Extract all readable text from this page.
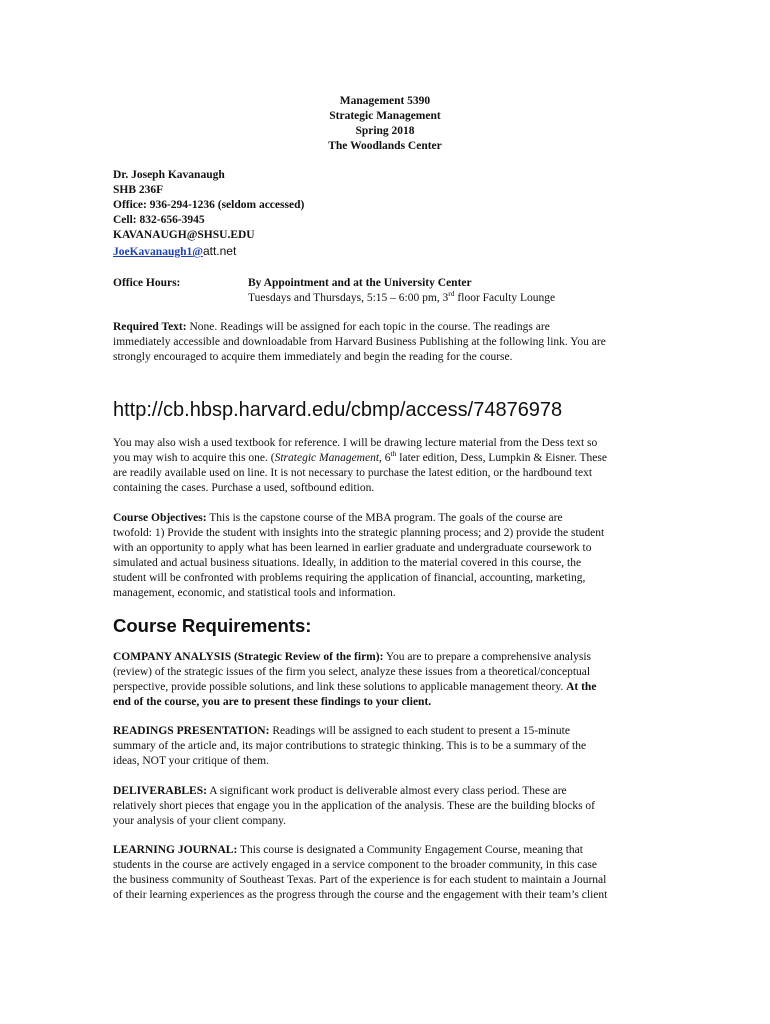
Management 5390
Strategic Management
Spring 2018
The Woodlands Center
Dr. Joseph Kavanaugh
SHB 236F
Office: 936-294-1236 (seldom accessed)
Cell: 832-656-3945
KAVANAUGH@SHSU.EDU
JoeKavanaugh1@att.net
Office Hours:	By Appointment and at the University Center
Tuesdays and Thursdays, 5:15 – 6:00 pm, 3rd floor Faculty Lounge
Required Text: None. Readings will be assigned for each topic in the course. The readings are
immediately accessible and downloadable from Harvard Business Publishing at the following link. You are
strongly encouraged to acquire them immediately and begin the reading for the course.
http://cb.hbsp.harvard.edu/cbmp/access/74876978
You may also wish a used textbook for reference. I will be drawing lecture material from the Dess text so
you may wish to acquire this one. (Strategic Management, 6th later edition, Dess, Lumpkin & Eisner. These
are readily available used on line. It is not necessary to purchase the latest edition, or the hardbound text
containing the cases. Purchase a used, softbound edition.
Course Objectives: This is the capstone course of the MBA program. The goals of the course are
twofold: 1) Provide the student with insights into the strategic planning process; and 2) provide the student
with an opportunity to apply what has been learned in earlier graduate and undergraduate coursework to
simulated and actual business situations. Ideally, in addition to the material covered in this course, the
student will be confronted with problems requiring the application of financial, accounting, marketing,
management, economic, and statistical tools and information.
Course Requirements:
COMPANY ANALYSIS (Strategic Review of the firm): You are to prepare a comprehensive analysis
(review) of the strategic issues of the firm you select, analyze these issues from a theoretical/conceptual
perspective, provide possible solutions, and link these solutions to applicable management theory. At the
end of the course, you are to present these findings to your client.
READINGS PRESENTATION: Readings will be assigned to each student to present a 15-minute
summary of the article and, its major contributions to strategic thinking. This is to be a summary of the
ideas, NOT your critique of them.
DELIVERABLES: A significant work product is deliverable almost every class period. These are
relatively short pieces that engage you in the application of the analysis. These are the building blocks of
your analysis of your client company.
LEARNING JOURNAL: This course is designated a Community Engagement Course, meaning that
students in the course are actively engaged in a service component to the broader community, in this case
the business community of Southeast Texas. Part of the experience is for each student to maintain a Journal
of their learning experiences as the progress through the course and the engagement with their team’s client
